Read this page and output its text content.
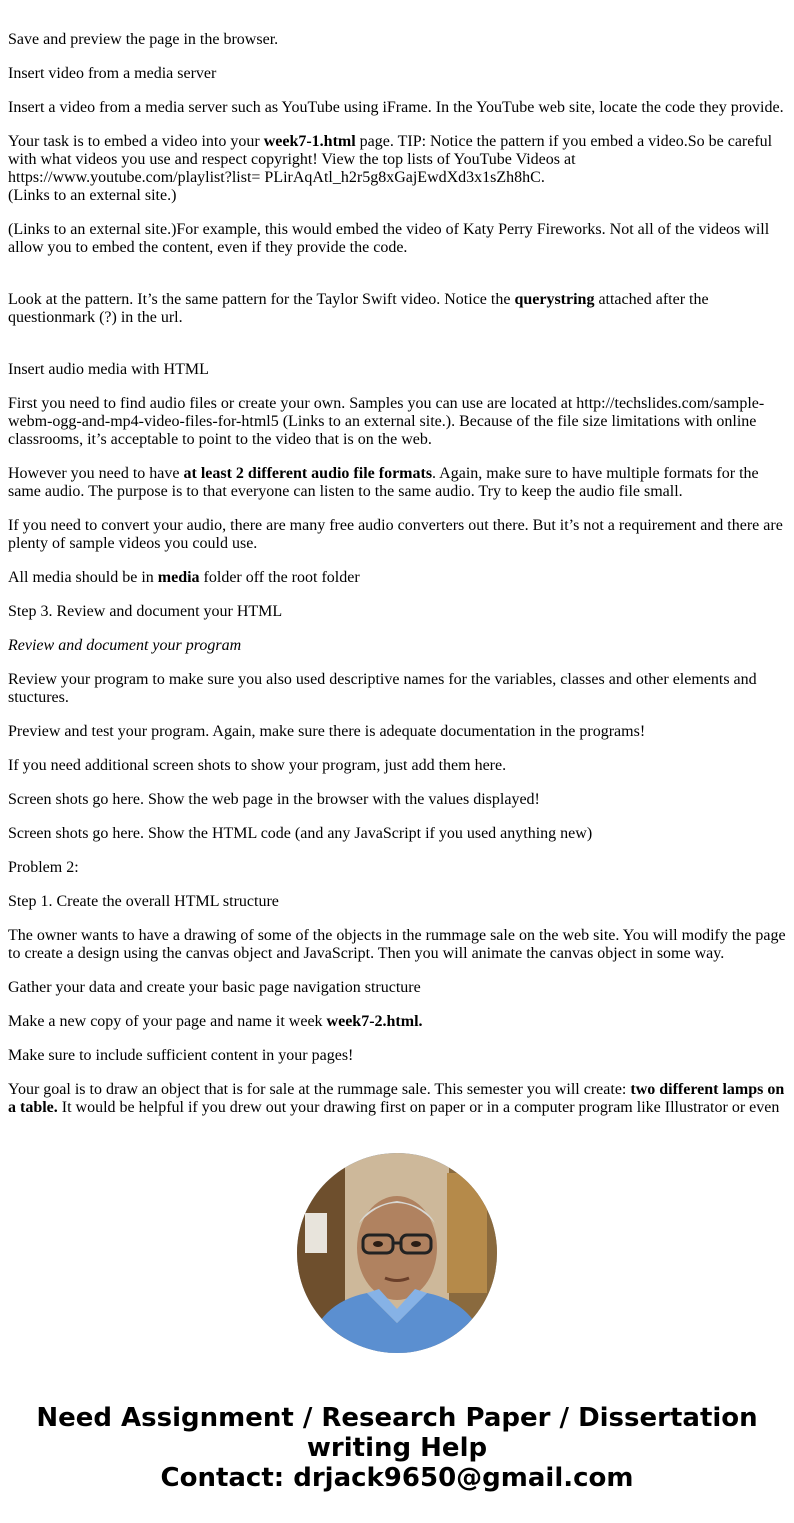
Save and preview the page in the browser.

Insert video from a media server

Insert a video from a media server such as YouTube using iFrame. In the YouTube web site, locate the code they provide.

Your task is to embed a video into your week7-1.html page. TIP: Notice the pattern if you embed a video.So be careful with what videos you use and respect copyright! View the top lists of YouTube Videos at https://www.youtube.com/playlist?list= PLirAqAtl_h2r5g8xGajEwdXd3x1sZh8hC.

(Links to an external site.)

(Links to an external site.)For example, this would embed the video of Katy Perry Fireworks. Not all of the videos will allow you to embed the content, even if they provide the code.

Look at the pattern. It’s the same pattern for the Taylor Swift video. Notice the querystring attached after the questionmark (?) in the url.

Insert audio media with HTML

First you need to find audio files or create your own. Samples you can use are located at http://techslides.com/sample-webm-ogg-and-mp4-video-files-for-html5 (Links to an external site.). Because of the file size limitations with online classrooms, it’s acceptable to point to the video that is on the web.

However you need to have at least 2 different audio file formats. Again, make sure to have multiple formats for the same audio. The purpose is to that everyone can listen to the same audio. Try to keep the audio file small.

If you need to convert your audio, there are many free audio converters out there. But it’s not a requirement and there are plenty of sample videos you could use.

All media should be in media folder off the root folder

Step 3. Review and document your HTML

Review and document your program

Review your program to make sure you also used descriptive names for the variables, classes and other elements and stuctures.

Preview and test your program. Again, make sure there is adequate documentation in the programs!

If you need additional screen shots to show your program, just add them here.

Screen shots go here. Show the web page in the browser with the values displayed!

Screen shots go here. Show the HTML code (and any JavaScript if you used anything new)

Problem 2:

Step 1. Create the overall HTML structure

The owner wants to have a drawing of some of the objects in the rummage sale on the web site. You will modify the page to create a design using the canvas object and JavaScript. Then you will animate the canvas object in some way.

Gather your data and create your basic page navigation structure

Make a new copy of your page and name it week week7-2.html.

Make sure to include sufficient content in your pages!

Your goal is to draw an object that is for sale at the rummage sale. This semester you will create: two different lamps on a table. It would be helpful if you drew out your drawing first on paper or in a computer program like Illustrator or even

Need Assignment / Research Paper / Dissertation
writing Help
Contact: drjack9650@gmail.com
